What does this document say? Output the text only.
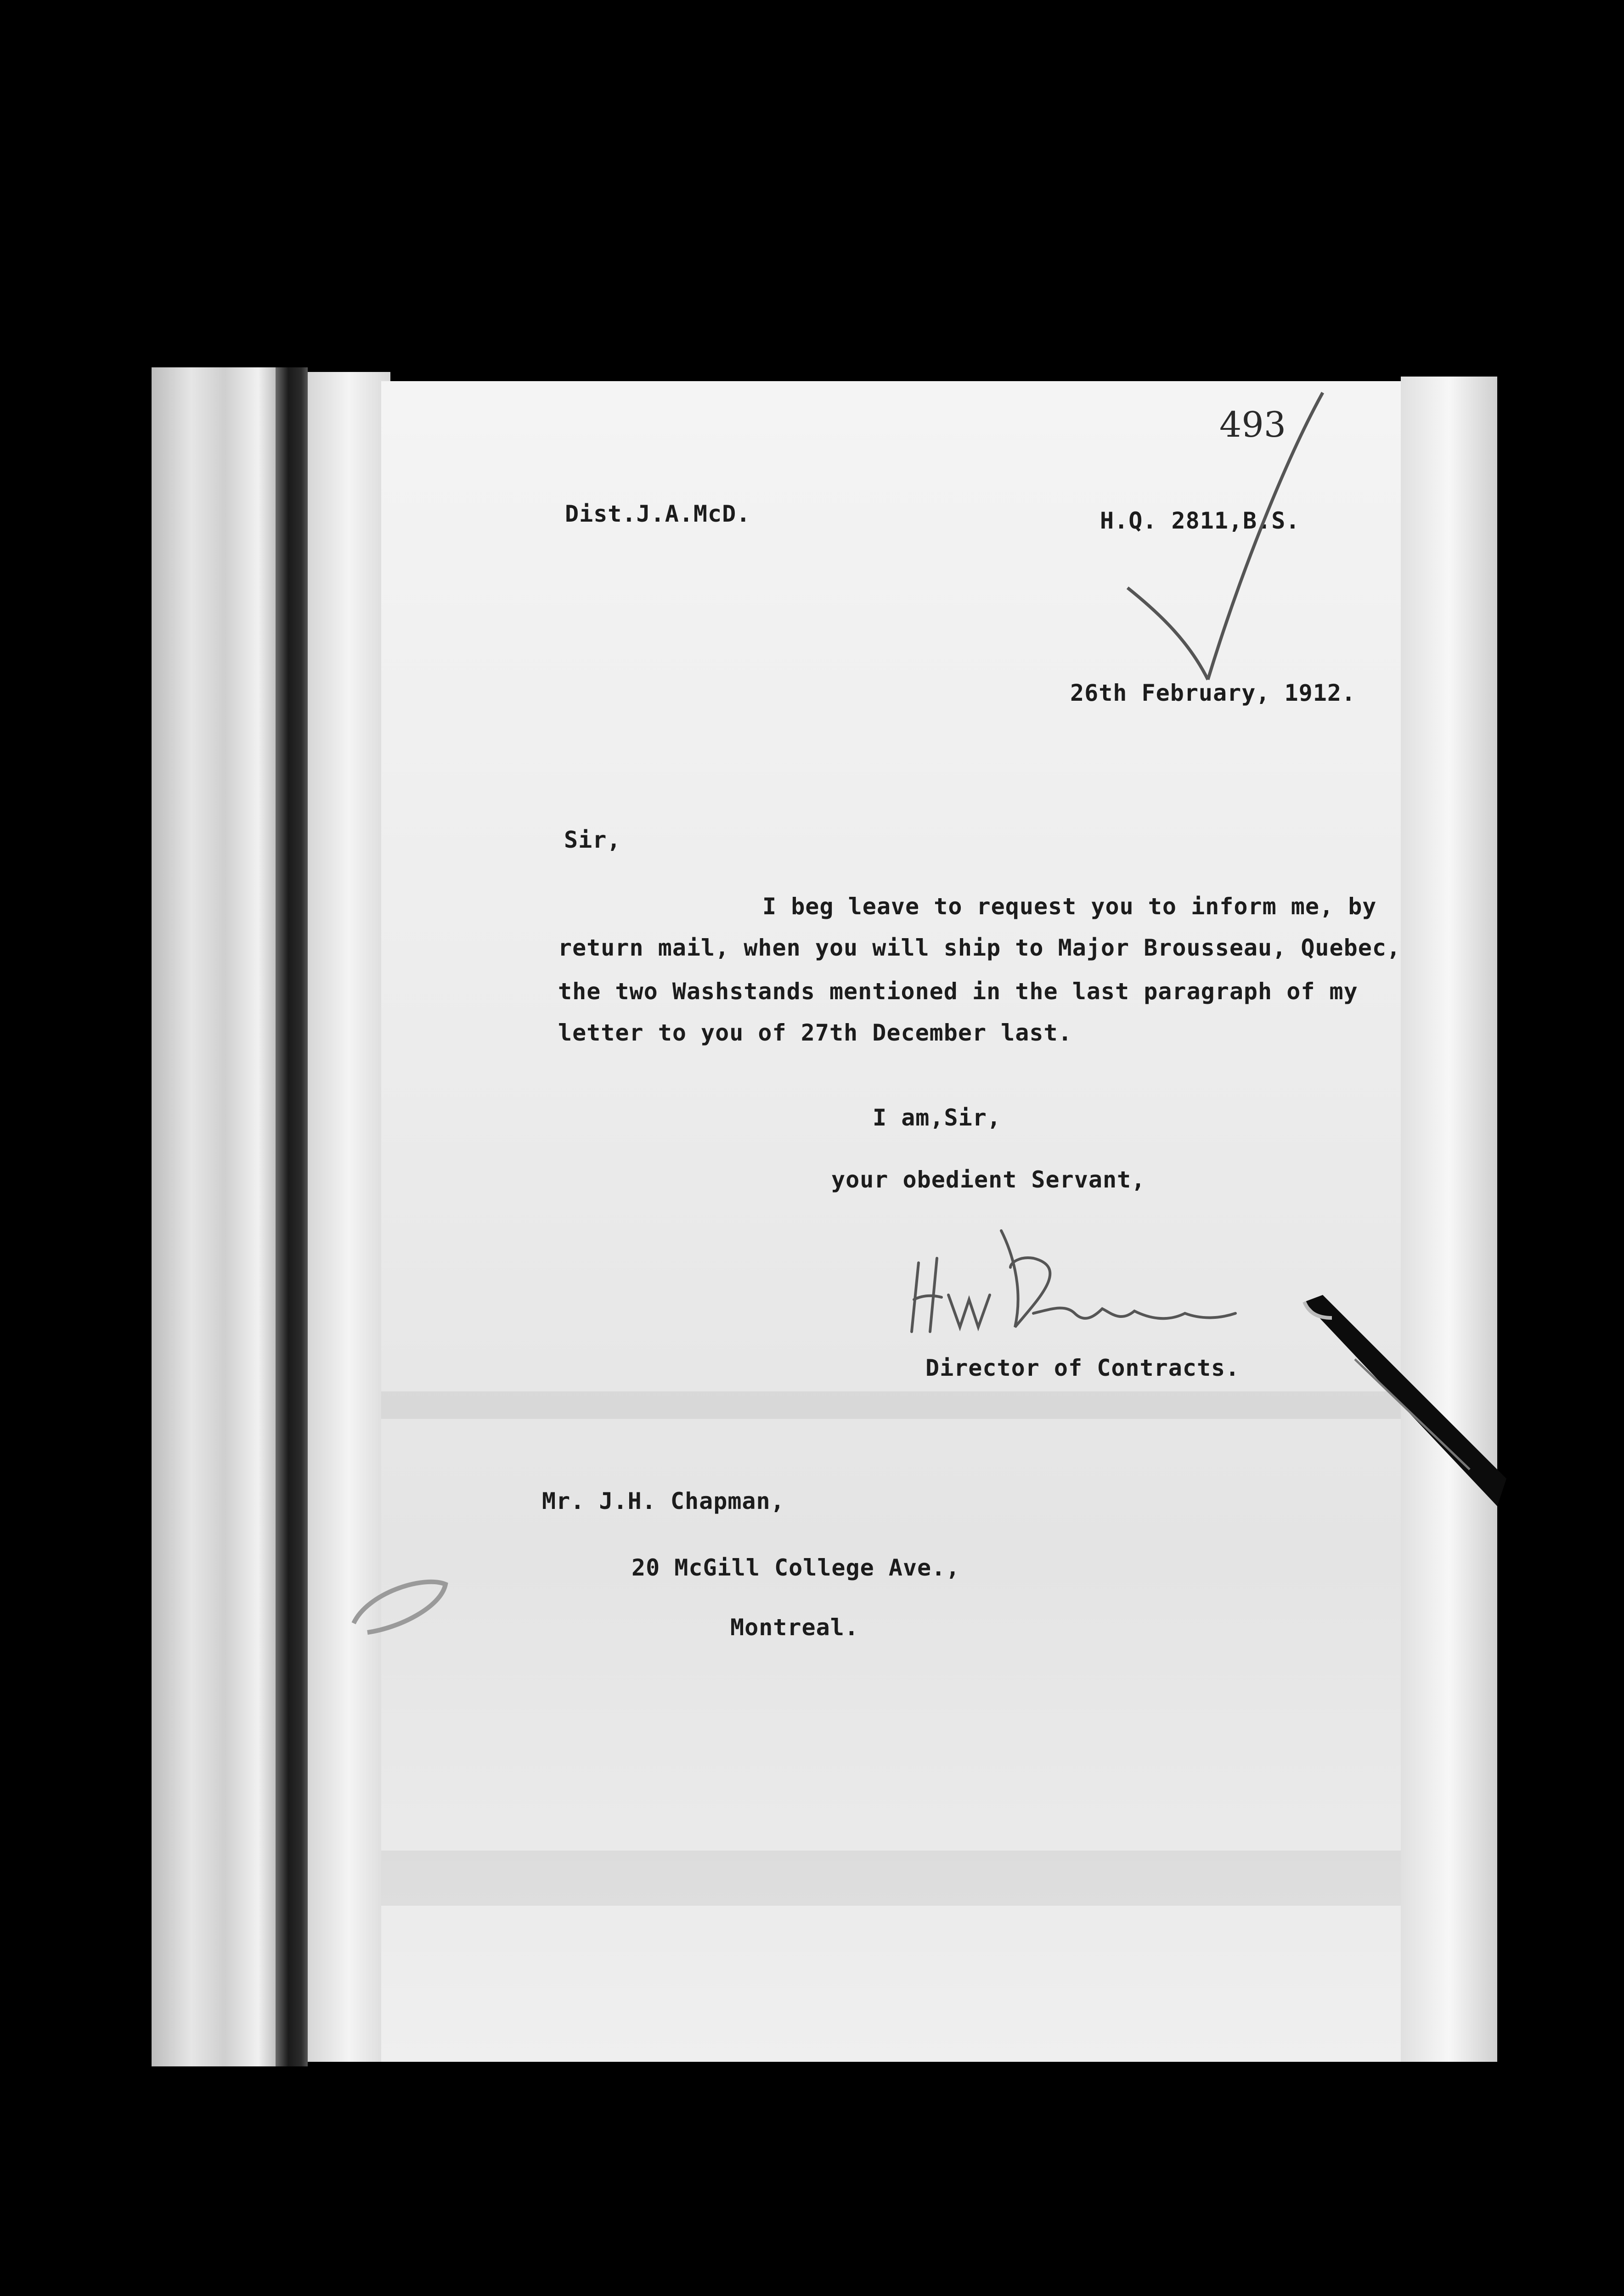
493
Dist.J.A.McD.	H.Q. 2811,B.S.
26th February, 1912.
Sir,
I beg leave to request you to inform me, by
return mail, when you will ship to Major Brousseau, Quebec,
the two Washstands mentioned in the last paragraph of my
letter to you of 27th December last.
I am,Sir,
your obedient Servant,
Director of Contracts.
Mr. J.H. Chapman,
20 McGill College Ave.,
Montreal.
